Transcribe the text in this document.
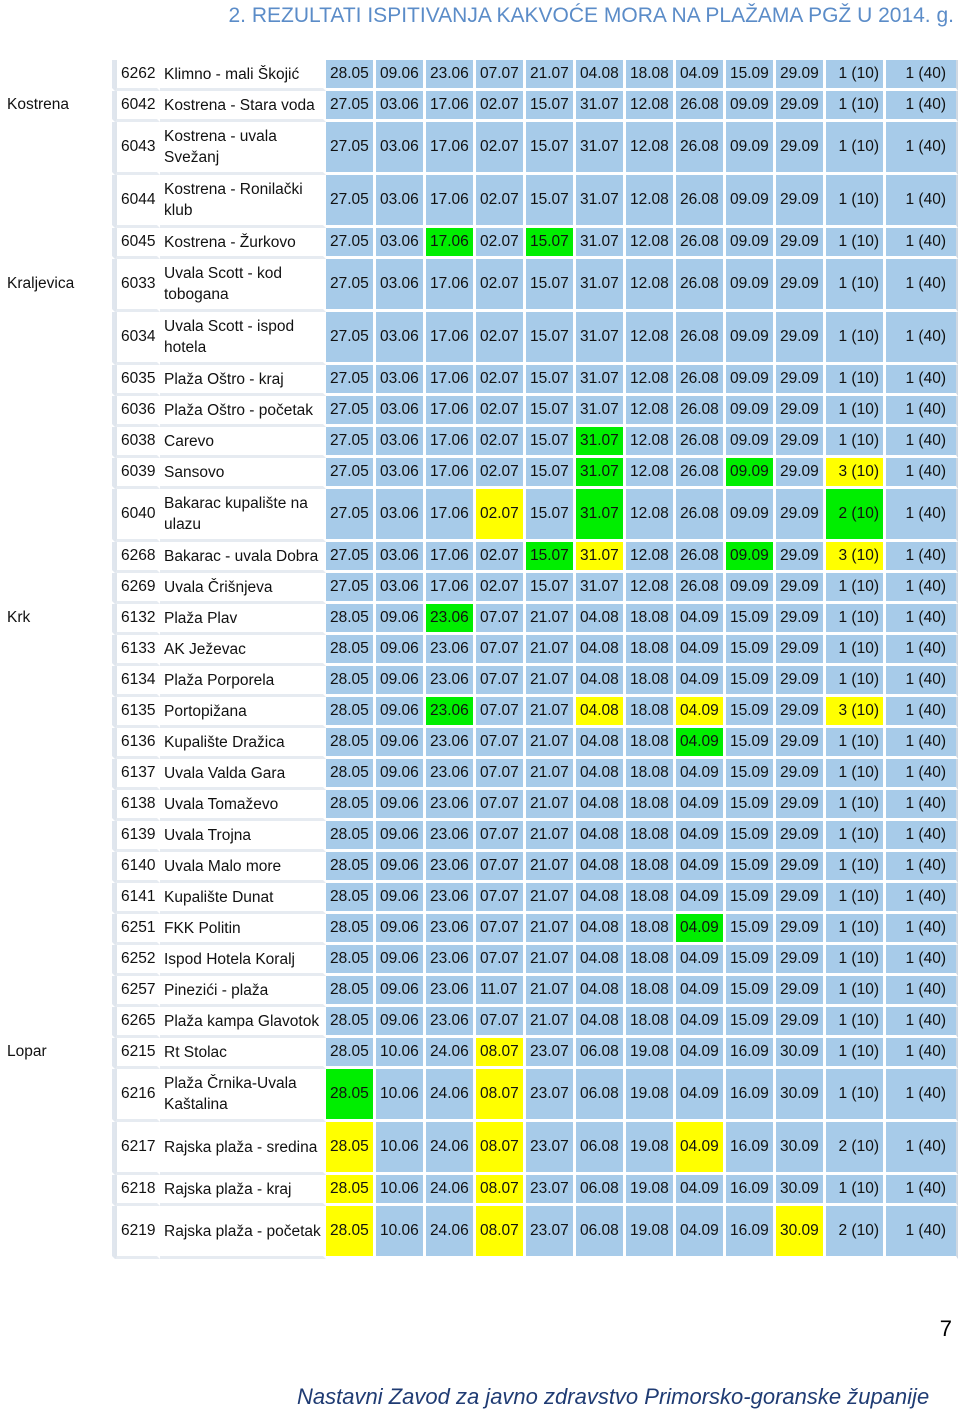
2. REZULTATI ISPITIVANJA KAKVOĆE MORA NA PLAŽAMA PGŽ U 2014. g.
	6262	Klimno - mali Škojić	28.05	09.06	23.06	07.07	21.07	04.08	18.08	04.09	15.09	29.09	1 (10)	1 (40)
Kostrena	6042	Kostrena - Stara voda	27.05	03.06	17.06	02.07	15.07	31.07	12.08	26.08	09.09	29.09	1 (10)	1 (40)
	6043	Kostrena - uvala Svežanj	27.05	03.06	17.06	02.07	15.07	31.07	12.08	26.08	09.09	29.09	1 (10)	1 (40)
	6044	Kostrena - Ronilački klub	27.05	03.06	17.06	02.07	15.07	31.07	12.08	26.08	09.09	29.09	1 (10)	1 (40)
	6045	Kostrena - Žurkovo	27.05	03.06	17.06	02.07	15.07	31.07	12.08	26.08	09.09	29.09	1 (10)	1 (40)
Kraljevica	6033	Uvala Scott - kod tobogana	27.05	03.06	17.06	02.07	15.07	31.07	12.08	26.08	09.09	29.09	1 (10)	1 (40)
	6034	Uvala Scott - ispod hotela	27.05	03.06	17.06	02.07	15.07	31.07	12.08	26.08	09.09	29.09	1 (10)	1 (40)
	6035	Plaža Oštro - kraj	27.05	03.06	17.06	02.07	15.07	31.07	12.08	26.08	09.09	29.09	1 (10)	1 (40)
	6036	Plaža Oštro - početak	27.05	03.06	17.06	02.07	15.07	31.07	12.08	26.08	09.09	29.09	1 (10)	1 (40)
	6038	Carevo	27.05	03.06	17.06	02.07	15.07	31.07	12.08	26.08	09.09	29.09	1 (10)	1 (40)
	6039	Sansovo	27.05	03.06	17.06	02.07	15.07	31.07	12.08	26.08	09.09	29.09	3 (10)	1 (40)
	6040	Bakarac kupalište na ulazu	27.05	03.06	17.06	02.07	15.07	31.07	12.08	26.08	09.09	29.09	2 (10)	1 (40)
	6268	Bakarac - uvala Dobra	27.05	03.06	17.06	02.07	15.07	31.07	12.08	26.08	09.09	29.09	3 (10)	1 (40)
	6269	Uvala Črišnjeva	27.05	03.06	17.06	02.07	15.07	31.07	12.08	26.08	09.09	29.09	1 (10)	1 (40)
Krk	6132	Plaža Plav	28.05	09.06	23.06	07.07	21.07	04.08	18.08	04.09	15.09	29.09	1 (10)	1 (40)
	6133	AK Ježevac	28.05	09.06	23.06	07.07	21.07	04.08	18.08	04.09	15.09	29.09	1 (10)	1 (40)
	6134	Plaža Porporela	28.05	09.06	23.06	07.07	21.07	04.08	18.08	04.09	15.09	29.09	1 (10)	1 (40)
	6135	Portopižana	28.05	09.06	23.06	07.07	21.07	04.08	18.08	04.09	15.09	29.09	3 (10)	1 (40)
	6136	Kupalište Dražica	28.05	09.06	23.06	07.07	21.07	04.08	18.08	04.09	15.09	29.09	1 (10)	1 (40)
	6137	Uvala Valda Gara	28.05	09.06	23.06	07.07	21.07	04.08	18.08	04.09	15.09	29.09	1 (10)	1 (40)
	6138	Uvala Tomaževo	28.05	09.06	23.06	07.07	21.07	04.08	18.08	04.09	15.09	29.09	1 (10)	1 (40)
	6139	Uvala Trojna	28.05	09.06	23.06	07.07	21.07	04.08	18.08	04.09	15.09	29.09	1 (10)	1 (40)
	6140	Uvala Malo more	28.05	09.06	23.06	07.07	21.07	04.08	18.08	04.09	15.09	29.09	1 (10)	1 (40)
	6141	Kupalište Dunat	28.05	09.06	23.06	07.07	21.07	04.08	18.08	04.09	15.09	29.09	1 (10)	1 (40)
	6251	FKK Politin	28.05	09.06	23.06	07.07	21.07	04.08	18.08	04.09	15.09	29.09	1 (10)	1 (40)
	6252	Ispod Hotela Koralj	28.05	09.06	23.06	07.07	21.07	04.08	18.08	04.09	15.09	29.09	1 (10)	1 (40)
	6257	Pinezići - plaža	28.05	09.06	23.06	11.07	21.07	04.08	18.08	04.09	15.09	29.09	1 (10)	1 (40)
	6265	Plaža kampa Glavotok	28.05	09.06	23.06	07.07	21.07	04.08	18.08	04.09	15.09	29.09	1 (10)	1 (40)
Lopar	6215	Rt Stolac	28.05	10.06	24.06	08.07	23.07	06.08	19.08	04.09	16.09	30.09	1 (10)	1 (40)
	6216	Plaža Črnika-Uvala Kaštalina	28.05	10.06	24.06	08.07	23.07	06.08	19.08	04.09	16.09	30.09	1 (10)	1 (40)
	6217	Rajska plaža - sredina	28.05	10.06	24.06	08.07	23.07	06.08	19.08	04.09	16.09	30.09	2 (10)	1 (40)
	6218	Rajska plaža - kraj	28.05	10.06	24.06	08.07	23.07	06.08	19.08	04.09	16.09	30.09	1 (10)	1 (40)
	6219	Rajska plaža - početak	28.05	10.06	24.06	08.07	23.07	06.08	19.08	04.09	16.09	30.09	2 (10)	1 (40)
7
Nastavni Zavod za javno zdravstvo Primorsko-goranske županije
